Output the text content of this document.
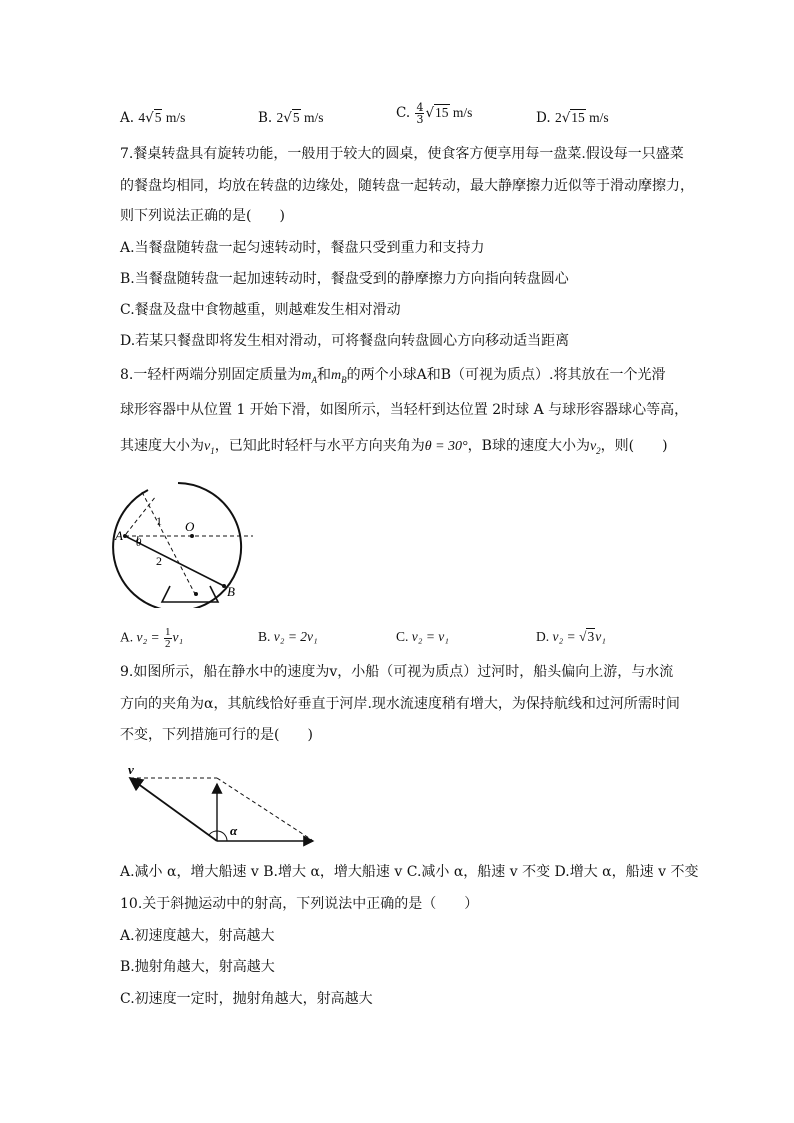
A. 4√5 m/s	B. 2√5 m/s	C. $\frac{4}{3} √15$ m/s	D. 2√15 m/s
7.餐桌转盘具有旋转功能，一般用于较大的圆桌，使食客方便享用每一盘菜.假设每一只盛菜
的餐盘均相同，均放在转盘的边缘处，随转盘一起转动，最大静摩擦力近似等于滑动摩擦力，
则下列说法正确的是(　　)
A.当餐盘随转盘一起匀速转动时，餐盘只受到重力和支持力
B.当餐盘随转盘一起加速转动时，餐盘受到的静摩擦力方向指向转盘圆心
C.餐盘及盘中食物越重，则越难发生相对滑动
D.若某只餐盘即将发生相对滑动，可将餐盘向转盘圆心方向移动适当距离
8.一轻杆两端分别固定质量为$m_A$和$m_B$的两个小球A和B（可视为质点）.将其放在一个光滑
球形容器中从位置 1 开始下滑，如图所示，当轻杆到达位置 2时球 A 与球形容器球心等高，
其速度大小为$v_1$，已知此时轻杆与水平方向夹角为θ = 30°，B球的速度大小为$v_2$，则(　　)
A θ
1
2
O
B
A. $v_2 = \frac{1}{2} v_1$	B. v₂ = 2v₁	C. v₂ = v₁	D. v₂ = √3v₁
9.如图所示，船在静水中的速度为v，小船（可视为质点）过河时，船头偏向上游，与水流
方向的夹角为α，其航线恰好垂直于河岸.现水流速度稍有增大，为保持航线和过河所需时间
不变，下列措施可行的是(　　)
v
α
A.减小 α，增大船速 v B.增大 α，增大船速 v C.减小 α，船速 v 不变 D.增大 α，船速 v 不变
10.关于斜抛运动中的射高，下列说法中正确的是（　　）
A.初速度越大，射高越大
B.抛射角越大，射高越大
C.初速度一定时，抛射角越大，射高越大
